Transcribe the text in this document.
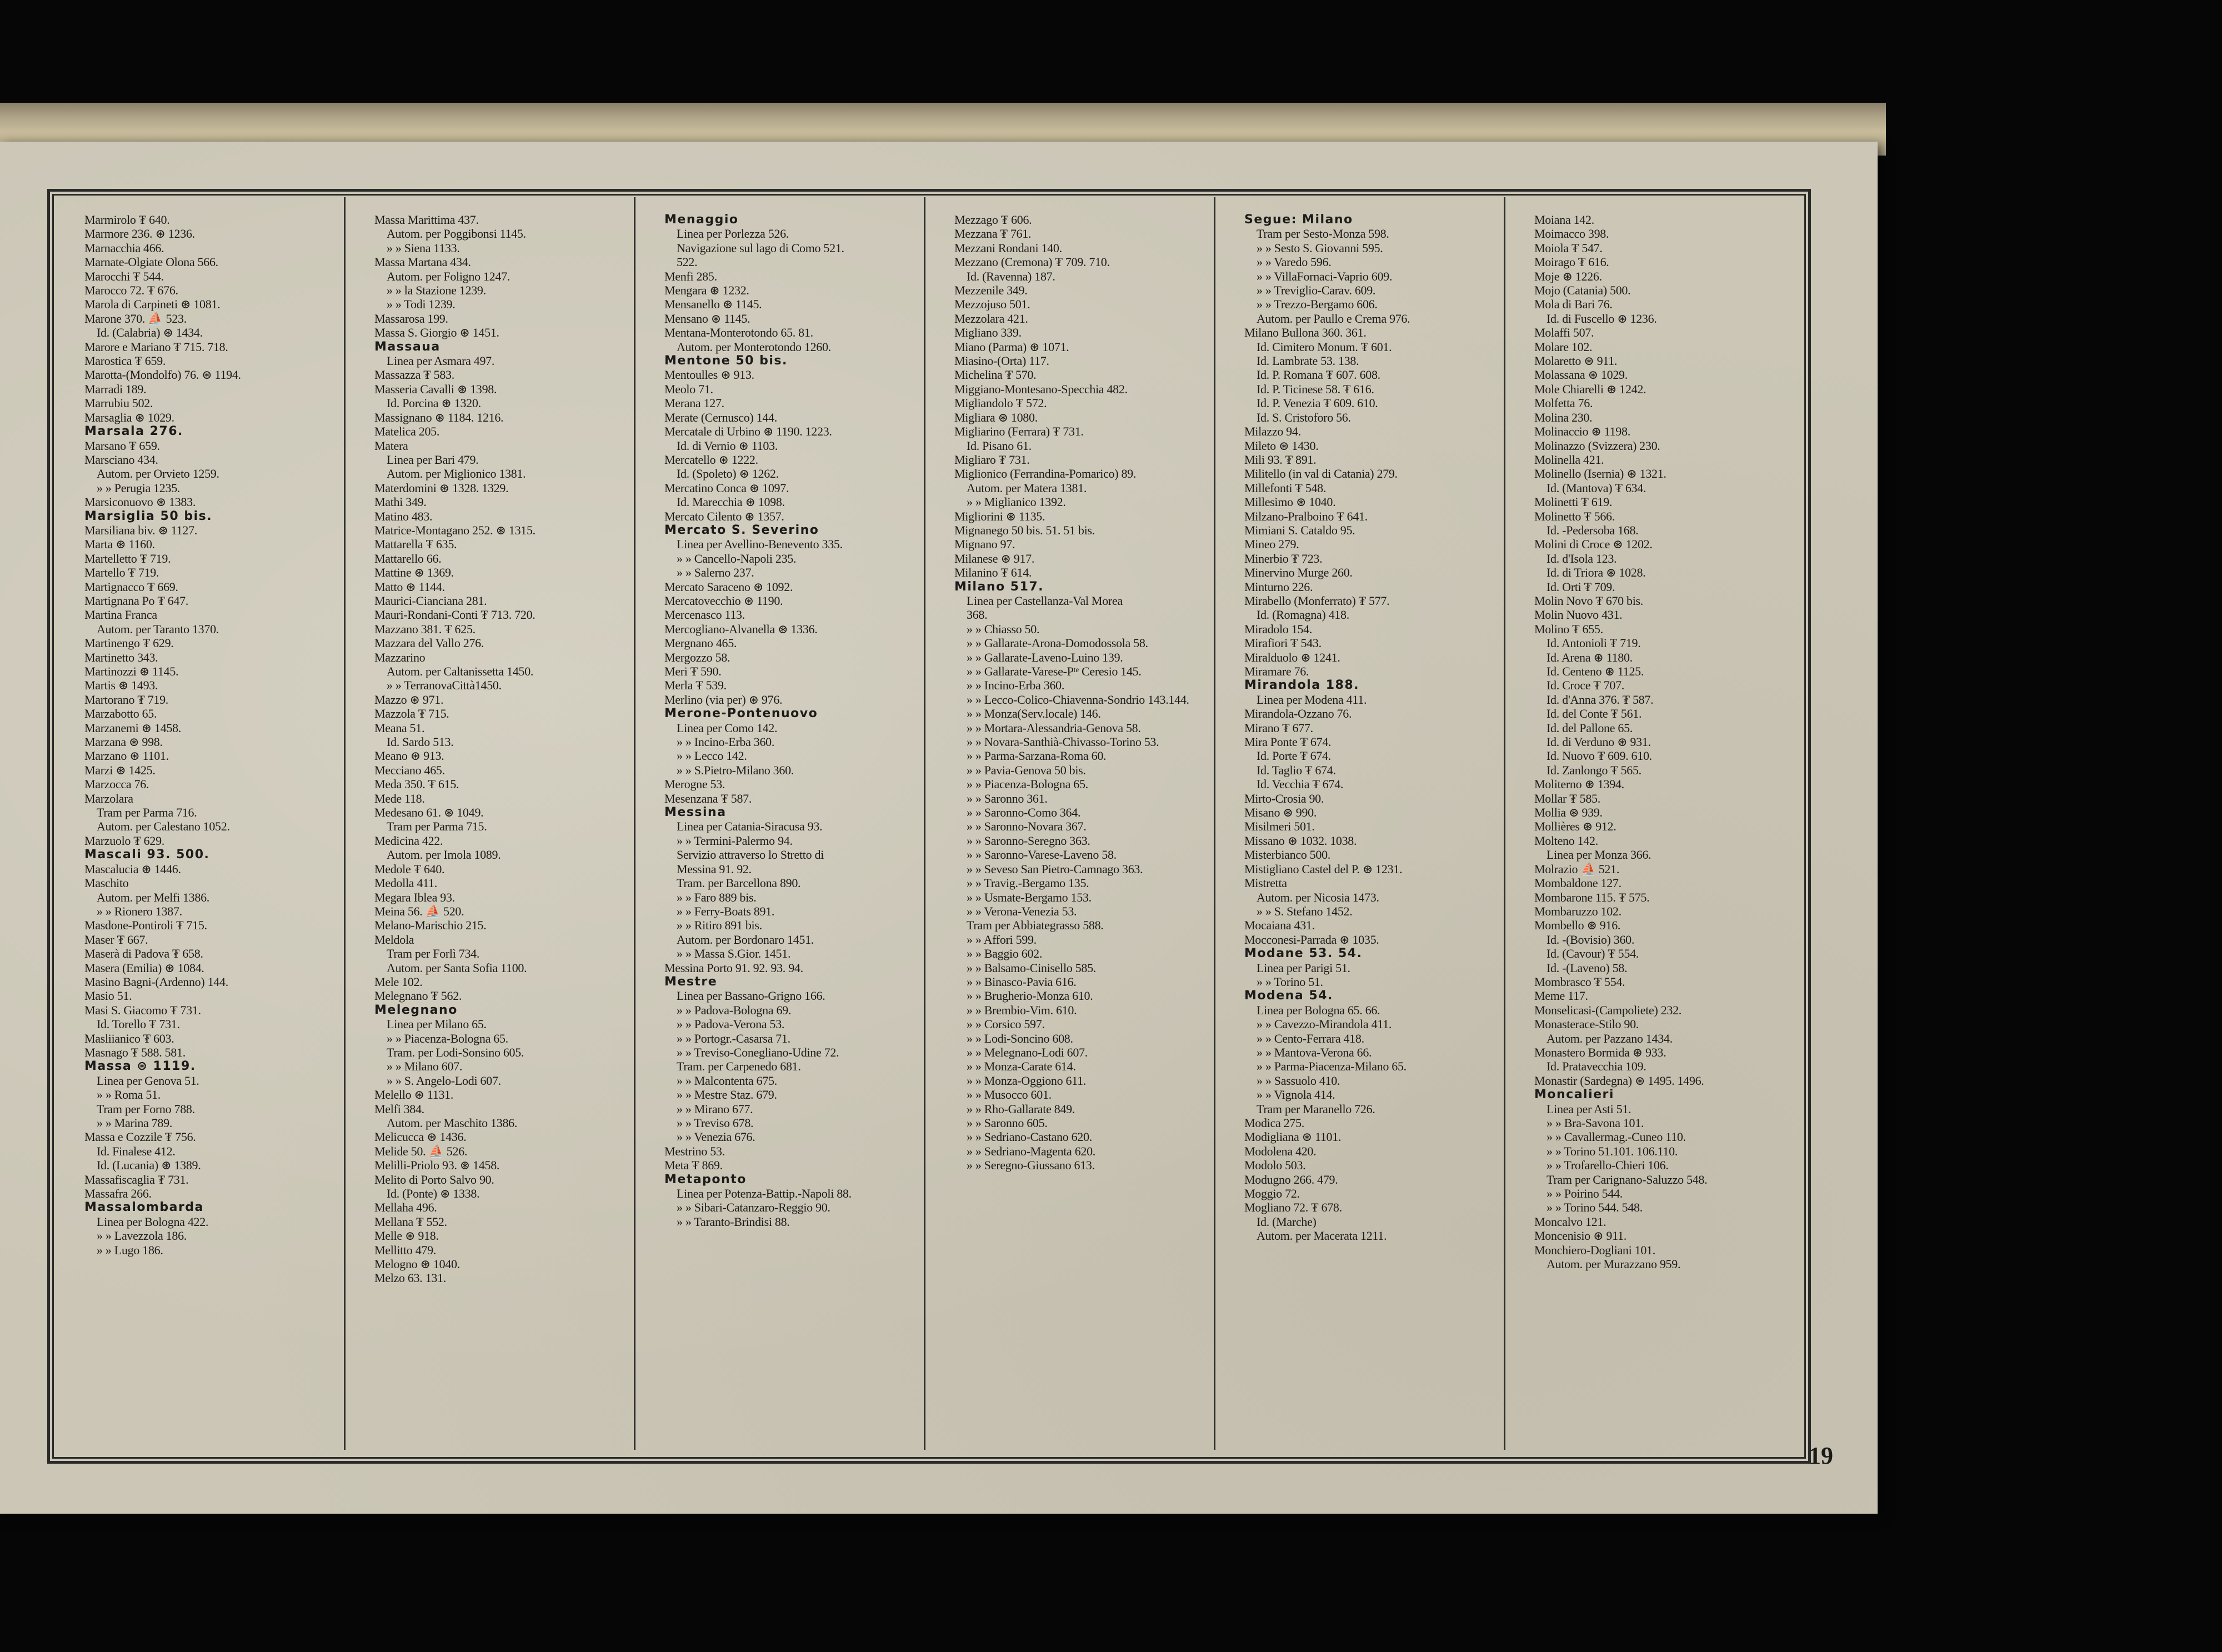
Marmirolo ₮ 640.
Marmore 236. ⊛ 1236.
Marnacchia 466.
Marnate-Olgiate Olona 566.
Marocchi ₮ 544.
Marocco 72. ₮ 676.
Marola di Carpineti ⊛ 1081.
Marone 370. ⛵ 523.
Id. (Calabria) ⊛ 1434.
Marore e Mariano ₮ 715. 718.
Marostica ₮ 659.
Marotta-(Mondolfo) 76. ⊛ 1194.
Marradi 189.
Marrubiu 502.
Marsaglia ⊛ 1029.
Marsala 276.
Marsano ₮ 659.
Marsciano 434.
Autom. per Orvieto 1259.
» » Perugia 1235.
Marsiconuovo ⊛ 1383.
Marsiglia 50 bis.
Marsiliana biv. ⊛ 1127.
Marta ⊛ 1160.
Martelletto ₮ 719.
Martello ₮ 719.
Martignacco ₮ 669.
Martignana Po ₮ 647.
Martina Franca
Autom. per Taranto 1370.
Martinengo ₮ 629.
Martinetto 343.
Martinozzi ⊛ 1145.
Martis ⊛ 1493.
Martorano ₮ 719.
Marzabotto 65.
Marzanemi ⊛ 1458.
Marzana ⊛ 998.
Marzano ⊛ 1101.
Marzi ⊛ 1425.
Marzocca 76.
Marzolara
Tram per Parma 716.
Autom. per Calestano 1052.
Marzuolo ₮ 629.
Mascali 93. 500.
Mascalucia ⊛ 1446.
Maschito
Autom. per Melfi 1386.
» » Rionero 1387.
Masdone-Pontiroli ₮ 715.
Maser ₮ 667.
Maserà di Padova ₮ 658.
Masera (Emilia) ⊛ 1084.
Masino Bagni-(Ardenno) 144.
Masio 51.
Masi S. Giacomo ₮ 731.
Id. Torello ₮ 731.
Masliianico ₮ 603.
Masnago ₮ 588. 581.
Massa ⊛ 1119.
Linea per Genova 51.
» » Roma 51.
Tram per Forno 788.
» » Marina 789.
Massa e Cozzile ₮ 756.
Id. Finalese 412.
Id. (Lucania) ⊛ 1389.
Massafiscaglia ₮ 731.
Massafra 266.
Massalombarda
Linea per Bologna 422.
» » Lavezzola 186.
» » Lugo 186.
Massa Marittima 437.
Autom. per Poggibonsi 1145.
» » Siena 1133.
Massa Martana 434.
Autom. per Foligno 1247.
» » la Stazione 1239.
» » Todi 1239.
Massarosa 199.
Massa S. Giorgio ⊛ 1451.
Massaua
Linea per Asmara 497.
Massazza ₮ 583.
Masseria Cavalli ⊛ 1398.
Id. Porcina ⊛ 1320.
Massignano ⊛ 1184. 1216.
Matelica 205.
Matera
Linea per Bari 479.
Autom. per Miglionico 1381.
Materdomini ⊛ 1328. 1329.
Mathi 349.
Matino 483.
Matrice-Montagano 252. ⊛ 1315.
Mattarella ₮ 635.
Mattarello 66.
Mattine ⊛ 1369.
Matto ⊛ 1144.
Maurici-Cianciana 281.
Mauri-Rondani-Conti ₮ 713. 720.
Mazzano 381. ₮ 625.
Mazzara del Vallo 276.
Mazzarino
Autom. per Caltanissetta 1450.
» » TerranovaCittà1450.
Mazzo ⊛ 971.
Mazzola ₮ 715.
Meana 51.
Id. Sardo 513.
Meano ⊛ 913.
Mecciano 465.
Meda 350. ₮ 615.
Mede 118.
Medesano 61. ⊛ 1049.
Tram per Parma 715.
Medicina 422.
Autom. per Imola 1089.
Medole ₮ 640.
Medolla 411.
Megara Iblea 93.
Meina 56. ⛵ 520.
Melano-Marischio 215.
Meldola
Tram per Forlì 734.
Autom. per Santa Sofia 1100.
Mele 102.
Melegnano ₮ 562.
Melegnano
Linea per Milano 65.
» » Piacenza-Bologna 65.
Tram. per Lodi-Sonsino 605.
» » Milano 607.
» » S. Angelo-Lodi 607.
Melello ⊛ 1131.
Melfi 384.
Autom. per Maschito 1386.
Melicucca ⊛ 1436.
Melide 50. ⛵ 526.
Melilli-Priolo 93. ⊛ 1458.
Melito di Porto Salvo 90.
Id. (Ponte) ⊛ 1338.
Mellaha 496.
Mellana ₮ 552.
Melle ⊛ 918.
Mellitto 479.
Melogno ⊛ 1040.
Melzo 63. 131.
Menaggio
Linea per Porlezza 526.
Navigazione sul lago di Como 521.
522.
Menfi 285.
Mengara ⊛ 1232.
Mensanello ⊛ 1145.
Mensano ⊛ 1145.
Mentana-Monterotondo 65. 81.
Autom. per Monterotondo 1260.
Mentone 50 bis.
Mentoulles ⊛ 913.
Meolo 71.
Merana 127.
Merate (Cernusco) 144.
Mercatale di Urbino ⊛ 1190. 1223.
Id. di Vernio ⊛ 1103.
Mercatello ⊛ 1222.
Id. (Spoleto) ⊛ 1262.
Mercatino Conca ⊛ 1097.
Id. Marecchia ⊛ 1098.
Mercato Cilento ⊛ 1357.
Mercato S. Severino
Linea per Avellino-Benevento 335.
» » Cancello-Napoli 235.
» » Salerno 237.
Mercato Saraceno ⊛ 1092.
Mercatovecchio ⊛ 1190.
Mercenasco 113.
Mercogliano-Alvanella ⊛ 1336.
Mergnano 465.
Mergozzo 58.
Meri ₮ 590.
Merla ₮ 539.
Merlino (via per) ⊛ 976.
Merone-Pontenuovo
Linea per Como 142.
» » Incino-Erba 360.
» » Lecco 142.
» » S.Pietro-Milano 360.
Merogne 53.
Mesenzana ₮ 587.
Messina
Linea per Catania-Siracusa 93.
» » Termini-Palermo 94.
Servizio attraverso lo Stretto di
Messina 91. 92.
Tram. per Barcellona 890.
» » Faro 889 bis.
» » Ferry-Boats 891.
» » Ritiro 891 bis.
Autom. per Bordonaro 1451.
» » Massa S.Gior. 1451.
Messina Porto 91. 92. 93. 94.
Mestre
Linea per Bassano-Grigno 166.
» » Padova-Bologna 69.
» » Padova-Verona 53.
» » Portogr.-Casarsa 71.
» » Treviso-Conegliano-Udine 72.
Tram. per Carpenedo 681.
» » Malcontenta 675.
» » Mestre Staz. 679.
» » Mirano 677.
» » Treviso 678.
» » Venezia 676.
Mestrino 53.
Meta ₮ 869.
Metaponto
Linea per Potenza-Battip.-Napoli 88.
» » Sibari-Catanzaro-Reggio 90.
» » Taranto-Brindisi 88.
Mezzago ₮ 606.
Mezzana ₮ 761.
Mezzani Rondani 140.
Mezzano (Cremona) ₮ 709. 710.
Id. (Ravenna) 187.
Mezzenile 349.
Mezzojuso 501.
Mezzolara 421.
Migliano 339.
Miano (Parma) ⊛ 1071.
Miasino-(Orta) 117.
Michelina ₮ 570.
Miggiano-Montesano-Specchia 482.
Migliandolo ₮ 572.
Migliara ⊛ 1080.
Migliarino (Ferrara) ₮ 731.
Id. Pisano 61.
Migliaro ₮ 731.
Miglionico (Ferrandina-Pomarico) 89.
Autom. per Matera 1381.
» » Miglianico 1392.
Migliorini ⊛ 1135.
Mignanego 50 bis. 51. 51 bis.
Mignano 97.
Milanese ⊛ 917.
Milanino ₮ 614.
Milano 517.
Linea per Castellanza-Val Morea
368.
» » Chiasso 50.
» » Gallarate-Arona-Domodossola 58.
» » Gallarate-Laveno-Luino 139.
» » Gallarate-Varese-Pᵗᵉ Ceresio 145.
» » Incino-Erba 360.
» » Lecco-Colico-Chiavenna-Sondrio 143.144.
» » Monza(Serv.locale) 146.
» » Mortara-Alessandria-Genova 58.
» » Novara-Santhià-Chivasso-Torino 53.
» » Parma-Sarzana-Roma 60.
» » Pavia-Genova 50 bis.
» » Piacenza-Bologna 65.
» » Saronno 361.
» » Saronno-Como 364.
» » Saronno-Novara 367.
» » Saronno-Seregno 363.
» » Saronno-Varese-Laveno 58.
» » Seveso San Pietro-Camnago 363.
» » Travig.-Bergamo 135.
» » Usmate-Bergamo 153.
» » Verona-Venezia 53.
Tram per Abbiategrasso 588.
» » Affori 599.
» » Baggio 602.
» » Balsamo-Cinisello 585.
» » Binasco-Pavia 616.
» » Brugherio-Monza 610.
» » Brembio-Vim. 610.
» » Corsico 597.
» » Lodi-Soncino 608.
» » Melegnano-Lodi 607.
» » Monza-Carate 614.
» » Monza-Oggiono 611.
» » Musocco 601.
» » Rho-Gallarate 849.
» » Saronno 605.
» » Sedriano-Castano 620.
» » Sedriano-Magenta 620.
» » Seregno-Giussano 613.
Segue: Milano
Tram per Sesto-Monza 598.
» » Sesto S. Giovanni 595.
» » Varedo 596.
» » VillaFornaci-Vaprio 609.
» » Treviglio-Carav. 609.
» » Trezzo-Bergamo 606.
Autom. per Paullo e Crema 976.
Milano Bullona 360. 361.
Id. Cimitero Monum. ₮ 601.
Id. Lambrate 53. 138.
Id. P. Romana ₮ 607. 608.
Id. P. Ticinese 58. ₮ 616.
Id. P. Venezia ₮ 609. 610.
Id. S. Cristoforo 56.
Milazzo 94.
Mileto ⊛ 1430.
Mili 93. ₮ 891.
Militello (in val di Catania) 279.
Millefonti ₮ 548.
Millesimo ⊛ 1040.
Milzano-Pralboino ₮ 641.
Mimiani S. Cataldo 95.
Mineo 279.
Minerbio ₮ 723.
Minervino Murge 260.
Minturno 226.
Mirabello (Monferrato) ₮ 577.
Id. (Romagna) 418.
Miradolo 154.
Mirafiori ₮ 543.
Miralduolo ⊛ 1241.
Miramare 76.
Mirandola 188.
Linea per Modena 411.
Mirandola-Ozzano 76.
Mirano ₮ 677.
Mira Ponte ₮ 674.
Id. Porte ₮ 674.
Id. Taglio ₮ 674.
Id. Vecchia ₮ 674.
Mirto-Crosia 90.
Misano ⊛ 990.
Misilmeri 501.
Missano ⊛ 1032. 1038.
Misterbianco 500.
Mistigliano Castel del P. ⊛ 1231.
Mistretta
Autom. per Nicosia 1473.
» » S. Stefano 1452.
Mocaiana 431.
Mocconesi-Parrada ⊛ 1035.
Modane 53. 54.
Linea per Parigi 51.
» » Torino 51.
Modena 54.
Linea per Bologna 65. 66.
» » Cavezzo-Mirandola 411.
» » Cento-Ferrara 418.
» » Mantova-Verona 66.
» » Parma-Piacenza-Milano 65.
» » Sassuolo 410.
» » Vignola 414.
Tram per Maranello 726.
Modica 275.
Modigliana ⊛ 1101.
Modolena 420.
Modolo 503.
Modugno 266. 479.
Moggio 72.
Mogliano 72. ₮ 678.
Id. (Marche)
Autom. per Macerata 1211.
Moiana 142.
Moimacco 398.
Moiola ₮ 547.
Moirago ₮ 616.
Moje ⊛ 1226.
Mojo (Catania) 500.
Mola di Bari 76.
Id. di Fuscello ⊛ 1236.
Molaffi 507.
Molare 102.
Molaretto ⊛ 911.
Molassana ⊛ 1029.
Mole Chiarelli ⊛ 1242.
Molfetta 76.
Molina 230.
Molinaccio ⊛ 1198.
Molinazzo (Svizzera) 230.
Molinella 421.
Molinello (Isernia) ⊛ 1321.
Id. (Mantova) ₮ 634.
Molinetti ₮ 619.
Molinetto ₮ 566.
Id. -Pedersoba 168.
Molini di Croce ⊛ 1202.
Id. d'Isola 123.
Id. di Triora ⊛ 1028.
Id. Orti ₮ 709.
Molin Novo ₮ 670 bis.
Molin Nuovo 431.
Molino ₮ 655.
Id. Antonioli ₮ 719.
Id. Arena ⊛ 1180.
Id. Centeno ⊛ 1125.
Id. Croce ₮ 707.
Id. d'Anna 376. ₮ 587.
Id. del Conte ₮ 561.
Id. del Pallone 65.
Id. di Verduno ⊛ 931.
Id. Nuovo ₮ 609. 610.
Id. Zanlongo ₮ 565.
Moliterno ⊛ 1394.
Mollar ₮ 585.
Mollia ⊛ 939.
Mollières ⊛ 912.
Molteno 142.
Linea per Monza 366.
Molrazio ⛵ 521.
Mombaldone 127.
Mombarone 115. ₮ 575.
Mombaruzzo 102.
Mombello ⊛ 916.
Id. -(Bovisio) 360.
Id. (Cavour) ₮ 554.
Id. -(Laveno) 58.
Mombrasco ₮ 554.
Meme 117.
Monselicasi-(Campoliete) 232.
Monasterace-Stilo 90.
Autom. per Pazzano 1434.
Monastero Bormida ⊛ 933.
Id. Pratavecchia 109.
Monastir (Sardegna) ⊛ 1495. 1496.
Moncalieri
Linea per Asti 51.
» » Bra-Savona 101.
» » Cavallermag.-Cuneo 110.
» » Torino 51.101. 106.110.
» » Trofarello-Chieri 106.
Tram per Carignano-Saluzzo 548.
» » Poirino 544.
» » Torino 544. 548.
Moncalvo 121.
Moncenisio ⊛ 911.
Monchiero-Dogliani 101.
Autom. per Murazzano 959.
19
